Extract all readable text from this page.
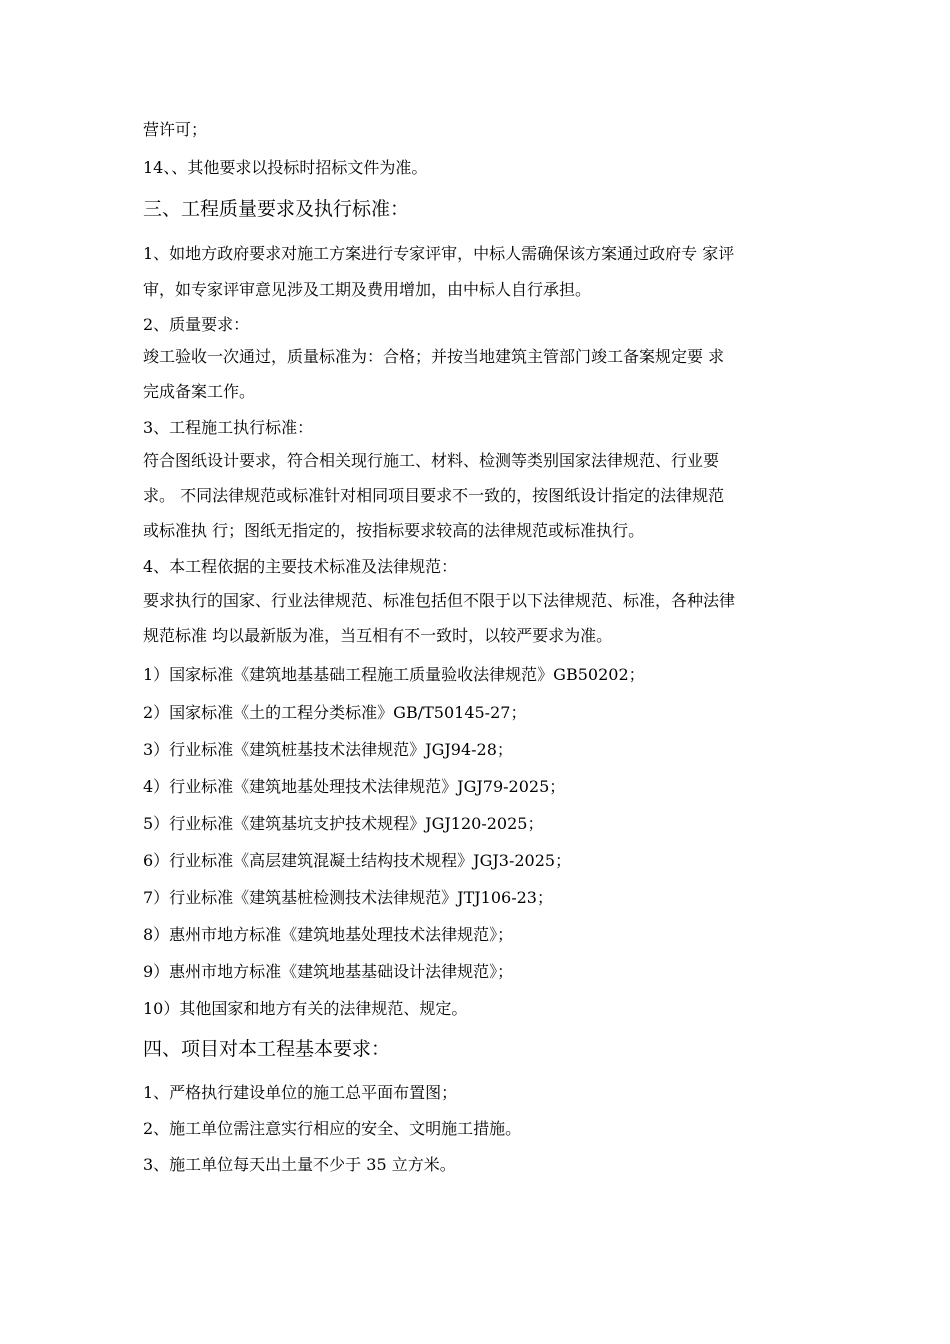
营许可；
14、、其他要求以投标时招标文件为准。
三、工程质量要求及执行标准：
1、如地方政府要求对施工方案进行专家评审，中标人需确保该方案通过政府专 家评
审，如专家评审意见涉及工期及费用增加，由中标人自行承担。
2、质量要求：
竣工验收一次通过，质量标准为：合格；并按当地建筑主管部门竣工备案规定要 求
完成备案工作。
3、工程施工执行标准：
符合图纸设计要求，符合相关现行施工、材料、检测等类别国家法律规范、行业要
求。 不同法律规范或标准针对相同项目要求不一致的，按图纸设计指定的法律规范
或标准执 行；图纸无指定的，按指标要求较高的法律规范或标准执行。
4、本工程依据的主要技术标准及法律规范：
要求执行的国家、行业法律规范、标准包括但不限于以下法律规范、标准，各种法律
规范标准 均以最新版为准，当互相有不一致时，以较严要求为准。
1）国家标准《建筑地基基础工程施工质量验收法律规范》GB50202；
2）国家标准《土的工程分类标准》GB/T50145-27；
3）行业标准《建筑桩基技术法律规范》JGJ94-28；
4）行业标准《建筑地基处理技术法律规范》JGJ79-2025；
5）行业标准《建筑基坑支护技术规程》JGJ120-2025；
6）行业标准《高层建筑混凝土结构技术规程》JGJ3-2025；
7）行业标准《建筑基桩检测技术法律规范》JTJ106-23；
8）惠州市地方标准《建筑地基处理技术法律规范》；
9）惠州市地方标准《建筑地基基础设计法律规范》；
10）其他国家和地方有关的法律规范、规定。
四、项目对本工程基本要求：
1、严格执行建设单位的施工总平面布置图；
2、施工单位需注意实行相应的安全、文明施工措施。
3、施工单位每天出土量不少于 35 立方米。
